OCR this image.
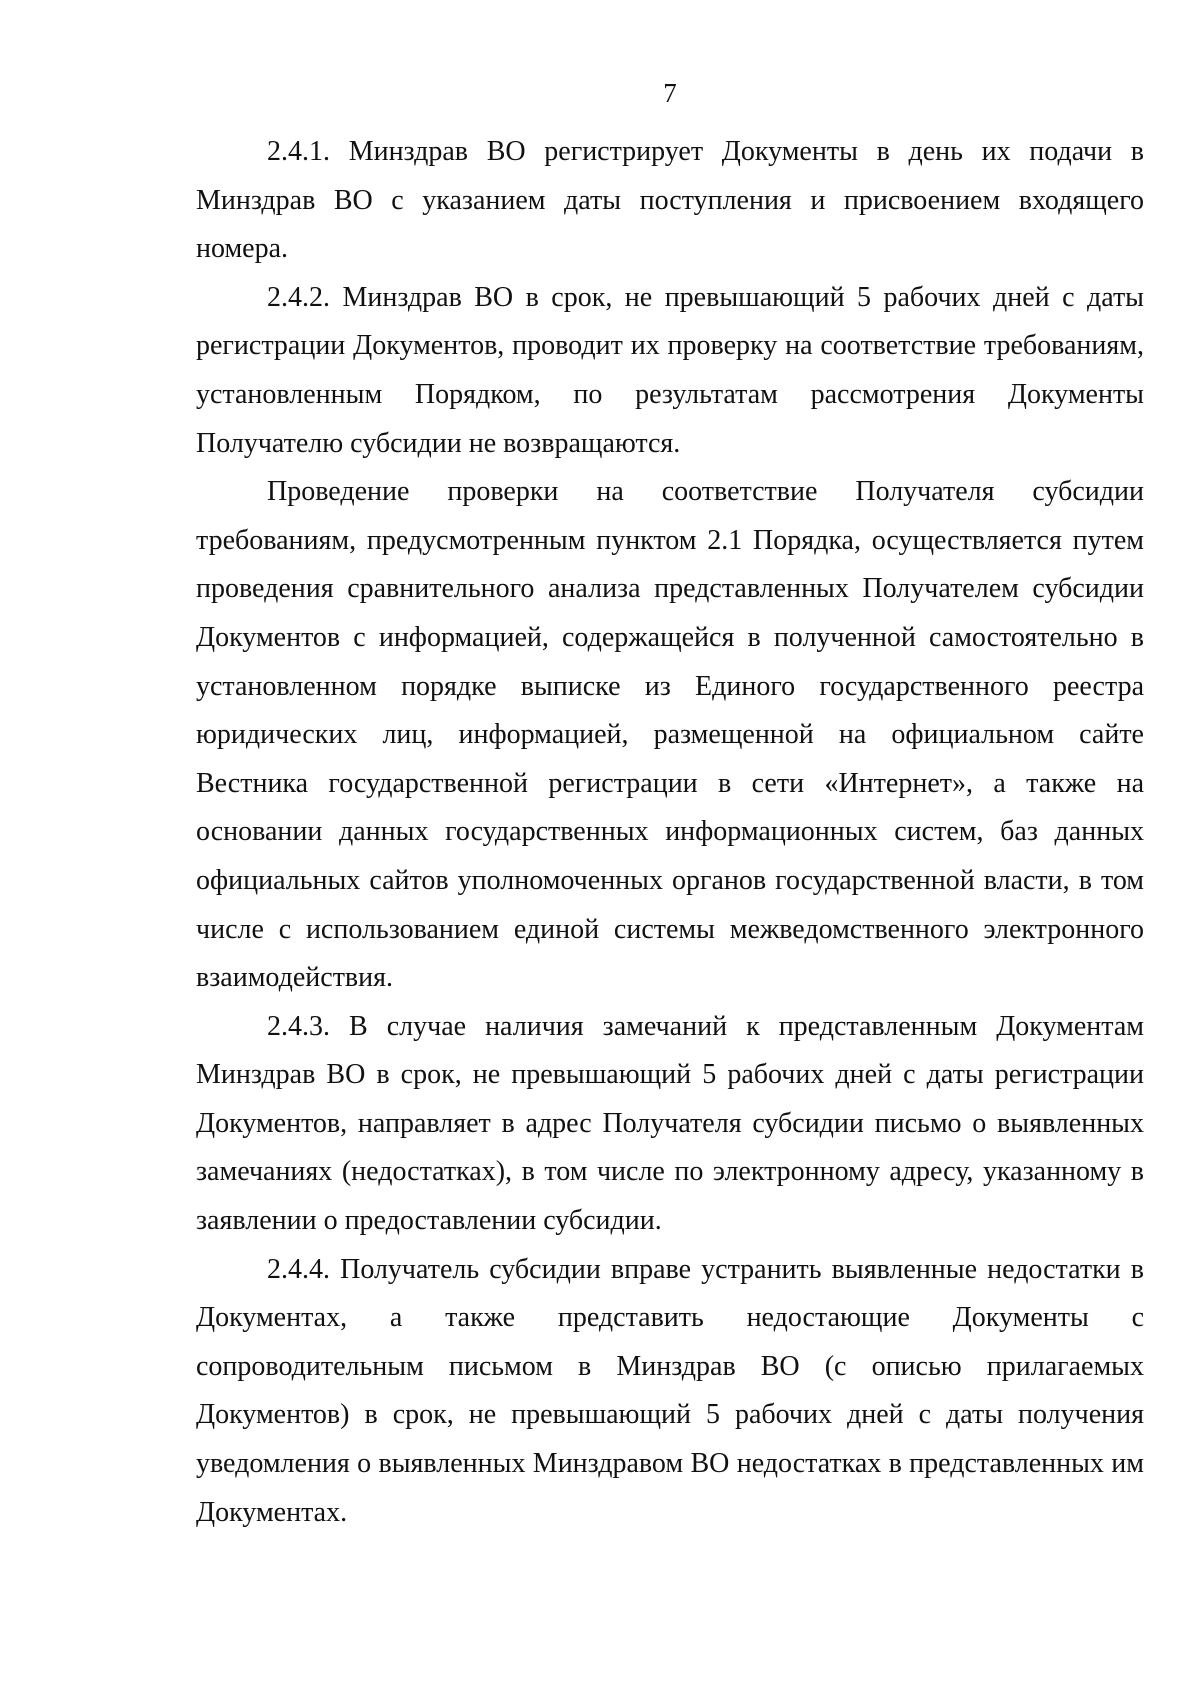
7

2.4.1. Минздрав ВО регистрирует Документы в день их подачи в Минздрав ВО с указанием даты поступления и присвоением входящего номера.

2.4.2. Минздрав ВО в срок, не превышающий 5 рабочих дней с даты регистрации Документов, проводит их проверку на соответствие требованиям, установленным Порядком, по результатам рассмотрения Документы Получателю субсидии не возвращаются.

Проведение проверки на соответствие Получателя субсидии требованиям, предусмотренным пунктом 2.1 Порядка, осуществляется путем проведения сравнительного анализа представленных Получателем субсидии Документов с информацией, содержащейся в полученной самостоятельно в установленном порядке выписке из Единого государственного реестра юридических лиц, информацией, размещенной на официальном сайте Вестника государственной регистрации в сети «Интернет», а также на основании данных государственных информационных систем, баз данных официальных сайтов уполномоченных органов государственной власти, в том числе с использованием единой системы межведомственного электронного взаимодействия.

2.4.3. В случае наличия замечаний к представленным Документам Минздрав ВО в срок, не превышающий 5 рабочих дней с даты регистрации Документов, направляет в адрес Получателя субсидии письмо о выявленных замечаниях (недостатках), в том числе по электронному адресу, указанному в заявлении о предоставлении субсидии.

2.4.4. Получатель субсидии вправе устранить выявленные недостатки в Документах, а также представить недостающие Документы с сопроводительным письмом в Минздрав ВО (с описью прилагаемых Документов) в срок, не превышающий 5 рабочих дней с даты получения уведомления о выявленных Минздравом ВО недостатках в представленных им Документах.
